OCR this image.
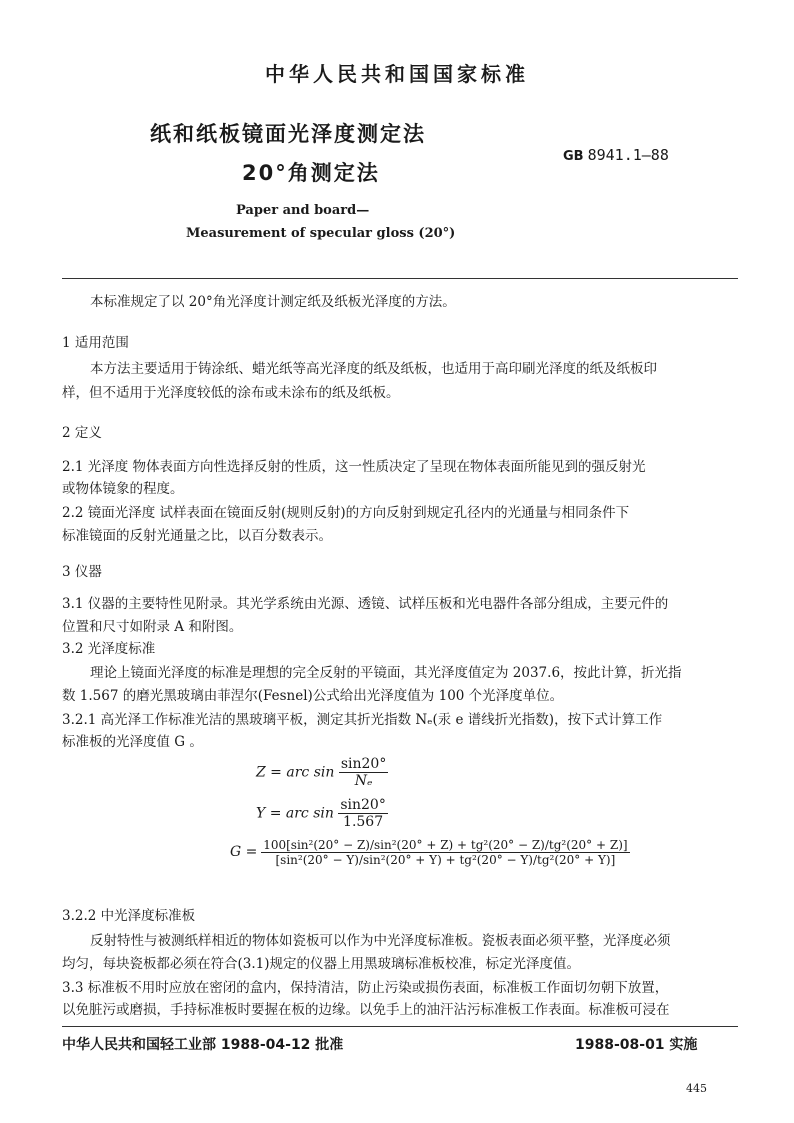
中华人民共和国国家标准
纸和纸板镜面光泽度测定法
20°角测定法
GB 8941.1—88
Paper and board—
Measurement of specular gloss (20°)
本标准规定了以 20°角光泽度计测定纸及纸板光泽度的方法。
1 适用范围
本方法主要适用于铸涂纸、蜡光纸等高光泽度的纸及纸板，也适用于高印刷光泽度的纸及纸板印
样，但不适用于光泽度较低的涂布或未涂布的纸及纸板。
2 定义
2.1 光泽度 物体表面方向性选择反射的性质，这一性质决定了呈现在物体表面所能见到的强反射光
或物体镜象的程度。
2.2 镜面光泽度 试样表面在镜面反射(规则反射)的方向反射到规定孔径内的光通量与相同条件下
标准镜面的反射光通量之比，以百分数表示。
3 仪器
3.1 仪器的主要特性见附录。其光学系统由光源、透镜、试样压板和光电器件各部分组成，主要元件的
位置和尺寸如附录 A 和附图。
3.2 光泽度标准
理论上镜面光泽度的标准是理想的完全反射的平镜面，其光泽度值定为 2037.6，按此计算，折光指
数 1.567 的磨光黑玻璃由菲涅尔(Fesnel)公式给出光泽度值为 100 个光泽度单位。
3.2.1 高光泽工作标准光洁的黑玻璃平板，测定其折光指数 Nₑ(汞 e 谱线折光指数)，按下式计算工作
标准板的光泽度值 G 。
Z = arc $\sin \frac{\sin 20^\circ}{\text{Nₑ}}$
Y = arc $\sin \frac{\sin 20^\circ}{1.567}$
$G = \frac{\text{100[sin²(20° − Z)/sin²(20° + Z) + tg²(20° − Z)/tg²(20° + Z)]}}{\text{[sin²(20° − Y)/sin²(20° + Y) + tg²(20° − Y)/tg²(20° + Y)]}}$
3.2.2 中光泽度标准板
反射特性与被测纸样相近的物体如瓷板可以作为中光泽度标准板。瓷板表面必须平整，光泽度必须
均匀，每块瓷板都必须在符合(3.1)规定的仪器上用黑玻璃标准板校准，标定光泽度值。
3.3 标准板不用时应放在密闭的盒内，保持清洁，防止污染或损伤表面，标准板工作面切勿朝下放置，
以免脏污或磨损，手持标准板时要握在板的边缘。以免手上的油汗沾污标准板工作表面。标准板可浸在
中华人民共和国轻工业部 1988-04-12 批准	1988-08-01 实施
445
